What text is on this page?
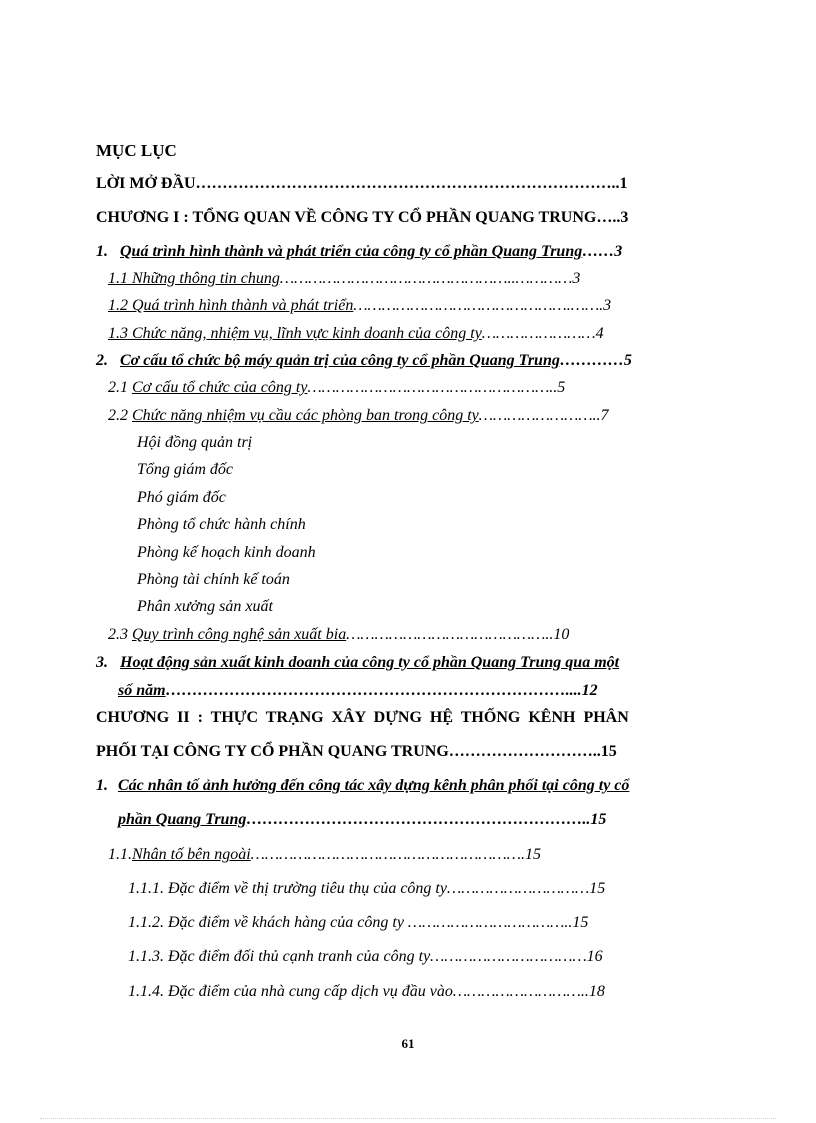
MỤC LỤC
LỜI MỞ ĐẦU……………………………………………………………………..1
CHƯƠNG I : TỔNG QUAN VỀ CÔNG TY CỔ PHẦN QUANG TRUNG…..3
1. Quá trình hình thành và phát triển của công ty cổ phần Quang Trung……3
1.1 Những thông tin chung…………………………………………..…………3
1.2 Quá trình hình thành và phát triển……………………………………….…….3
1.3 Chức năng, nhiệm vụ, lĩnh vực kinh doanh của công ty……………………4
2. Cơ cấu tổ chức bộ máy quản trị của công ty cổ phần Quang Trung…………5
2.1 Cơ cấu tổ chức của công ty……………………………………………..5
2.2 Chức năng nhiệm vụ cầu các phòng ban trong công ty……………………..7
Hội đồng quản trị
Tổng giám đốc
Phó giám đốc
Phòng tổ chức hành chính
Phòng kế hoạch kinh doanh
Phòng tài chính kế toán
Phân xưởng sản xuất
2.3 Quy trình công nghệ sản xuất bia……………………………………..10
3. Hoạt động sản xuất kinh doanh của công ty cổ phần Quang Trung qua một
số năm…………………………………………………………………....12
CHƯƠNG II : THỰC TRẠNG XÂY DỰNG HỆ THỐNG KÊNH PHÂN
PHỐI TẠI CÔNG TY CỔ PHẦN QUANG TRUNG………………………..15
1. Các nhân tố ảnh hưởng đến công tác xây dựng kênh phân phối tại công ty cổ
phần Quang Trung………………………………………………………..15
1.1.Nhân tố bên ngoài………………………………………………….15
1.1.1. Đặc điểm về thị trường tiêu thụ của công ty…………………………15
1.1.2. Đặc điểm về khách hàng của công ty ……………………………..15
1.1.3. Đặc điểm đối thủ cạnh tranh của công ty……………………………16
1.1.4. Đặc điểm của nhà cung cấp dịch vụ đầu vào………………………..18
61
